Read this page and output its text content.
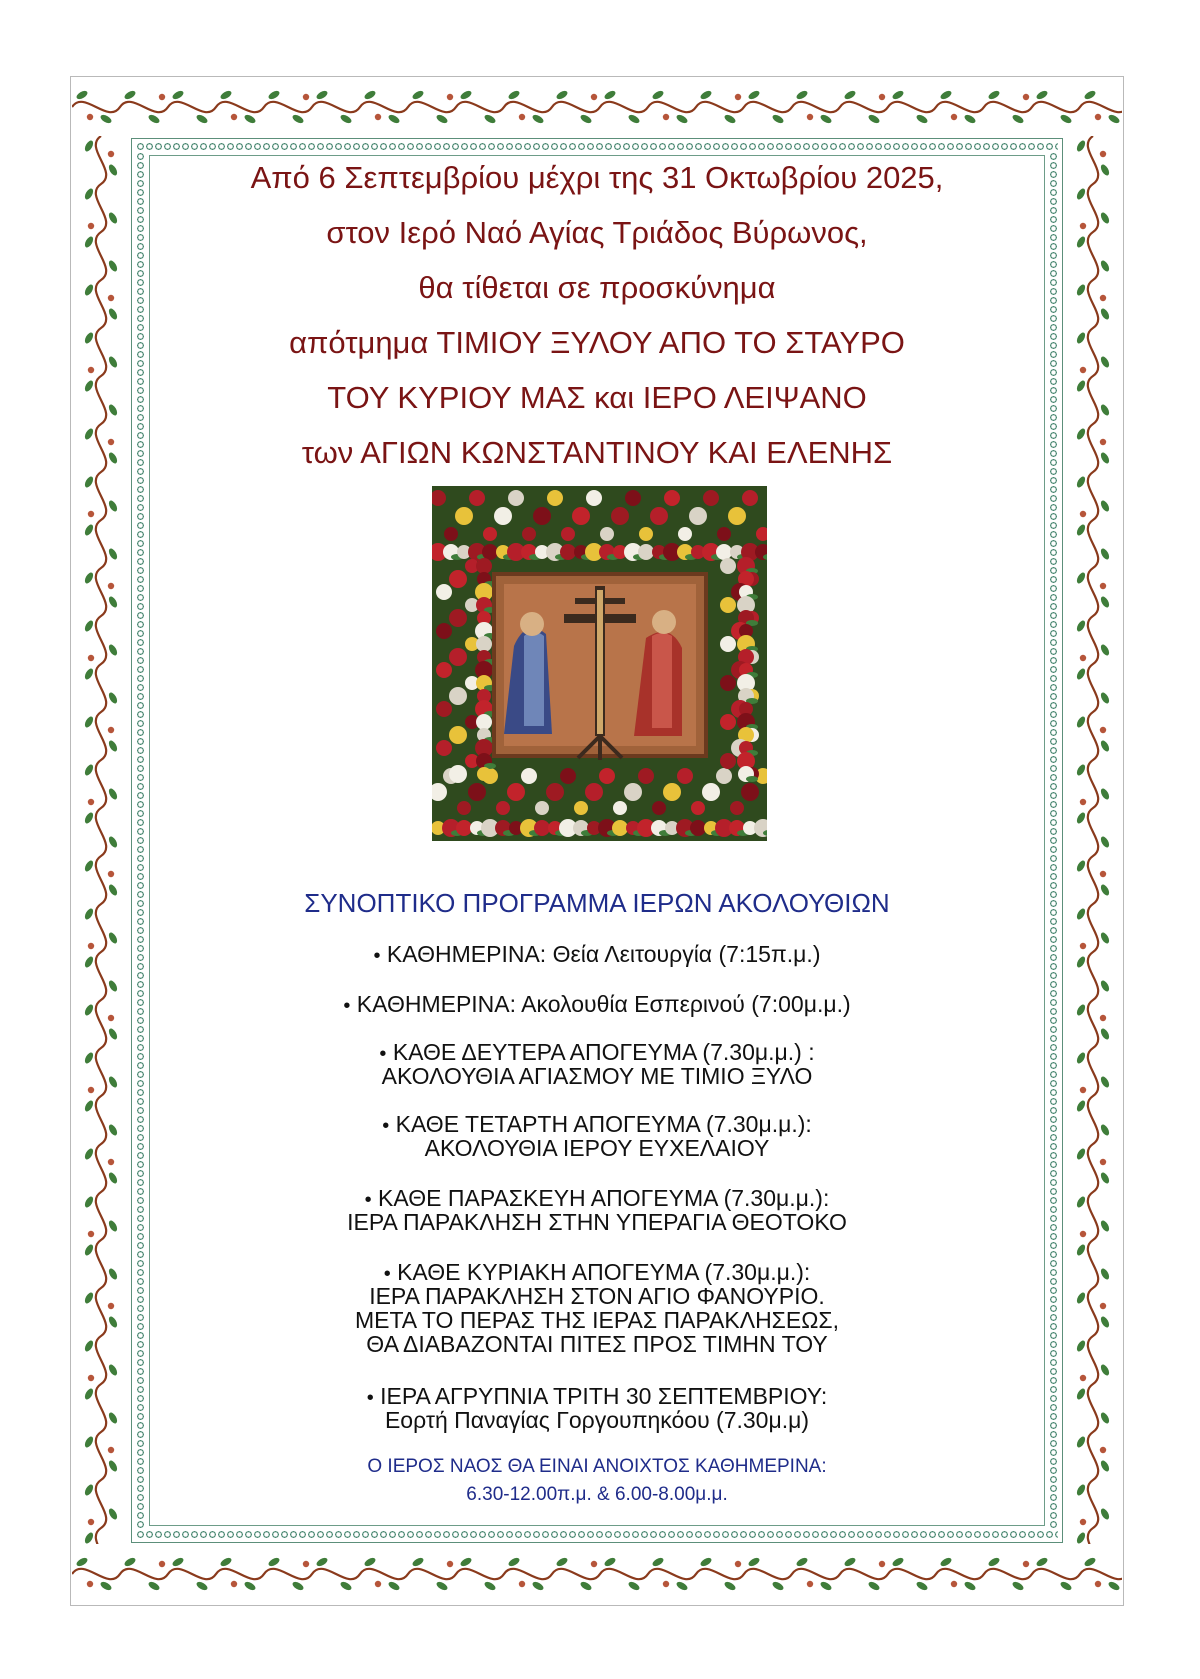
Από 6 Σεπτεμβρίου μέχρι της 31 Οκτωβρίου 2025,
στον Ιερό Ναό Αγίας Τριάδος Βύρωνος,
θα τίθεται σε προσκύνημα
απότμημα ΤΙΜΙΟΥ ΞΥΛΟΥ ΑΠΟ ΤΟ ΣΤΑΥΡΟ
ΤΟΥ ΚΥΡΙΟΥ ΜΑΣ και ΙΕΡΟ ΛΕΙΨΑΝΟ
των ΑΓΙΩΝ ΚΩΝΣΤΑΝΤΙΝΟΥ ΚΑΙ ΕΛΕΝΗΣ
ΣΥΝΟΠΤΙΚΟ ΠΡΟΓΡΑΜΜΑ ΙΕΡΩΝ ΑΚΟΛΟΥΘΙΩΝ
• ΚΑΘΗΜΕΡΙΝΑ: Θεία Λειτουργία (7:15π.μ.)
• ΚΑΘΗΜΕΡΙΝΑ: Ακολουθία Εσπερινού (7:00μ.μ.)
• ΚΑΘΕ ΔΕΥΤΕΡΑ ΑΠΟΓΕΥΜΑ (7.30μ.μ.) :
ΑΚΟΛΟΥΘΙΑ ΑΓΙΑΣΜΟΥ ΜΕ ΤΙΜΙΟ ΞΥΛΟ
• ΚΑΘΕ ΤΕΤΑΡΤΗ ΑΠΟΓΕΥΜΑ (7.30μ.μ.):
ΑΚΟΛΟΥΘΙΑ ΙΕΡΟΥ ΕΥΧΕΛΑΙΟΥ
• ΚΑΘΕ ΠΑΡΑΣΚΕΥΗ ΑΠΟΓΕΥΜΑ (7.30μ.μ.):
ΙΕΡΑ ΠΑΡΑΚΛΗΣΗ ΣΤΗΝ ΥΠΕΡΑΓΙΑ ΘΕΟΤΟΚΟ
• ΚΑΘΕ ΚΥΡΙΑΚΗ ΑΠΟΓΕΥΜΑ (7.30μ.μ.):
ΙΕΡΑ ΠΑΡΑΚΛΗΣΗ ΣΤΟΝ ΑΓΙΟ ΦΑΝΟΥΡΙΟ.
ΜΕΤΑ ΤΟ ΠΕΡΑΣ ΤΗΣ ΙΕΡΑΣ ΠΑΡΑΚΛΗΣΕΩΣ,
ΘΑ ΔΙΑΒΑΖΟΝΤΑΙ ΠΙΤΕΣ ΠΡΟΣ ΤΙΜΗΝ ΤΟΥ
• ΙΕΡΑ ΑΓΡΥΠΝΙΑ ΤΡΙΤΗ 30 ΣΕΠΤΕΜΒΡΙΟΥ:
Εορτή Παναγίας Γοργουπηκόου (7.30μ.μ)
Ο ΙΕΡΟΣ ΝΑΟΣ ΘΑ ΕΙΝΑΙ ΑΝΟΙΧΤΟΣ ΚΑΘΗΜΕΡΙΝΑ:
6.30-12.00π.μ. & 6.00-8.00μ.μ.
